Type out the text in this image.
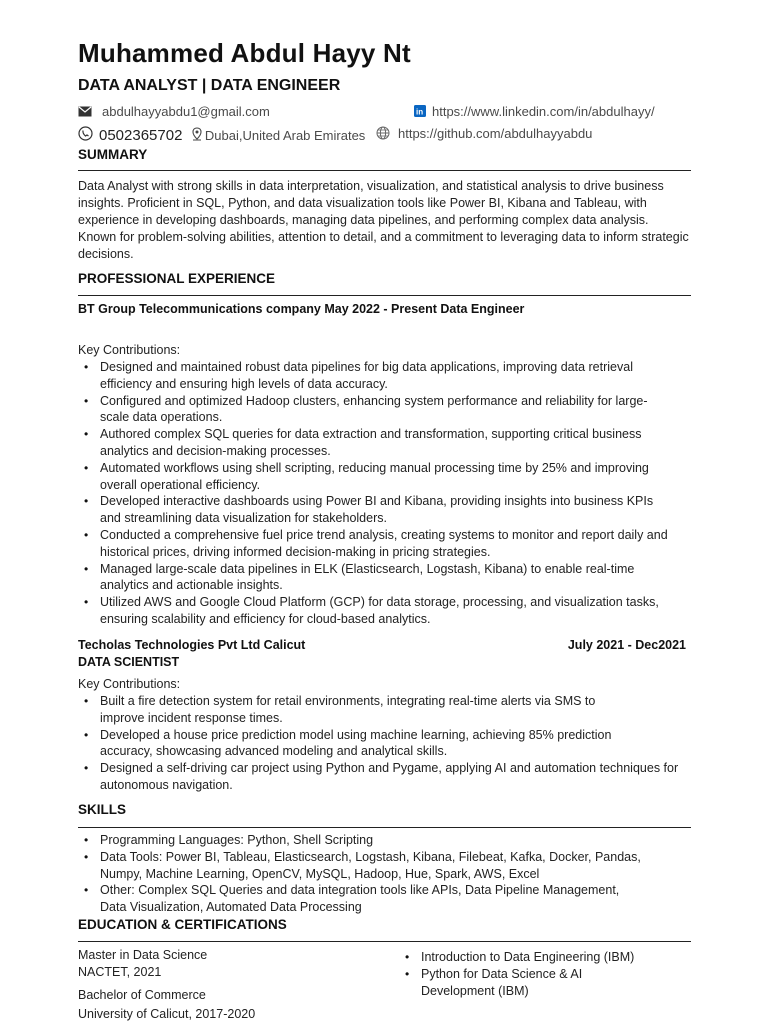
Muhammed Abdul Hayy Nt
DATA ANALYST | DATA ENGINEER
abdulhayyabdu1@gmail.com	in https://www.linkedin.com/in/abdulhayy/
0502365702 Dubai,United Arab Emirates	https://github.com/abdulhayyabdu
SUMMARY
Data Analyst with strong skills in data interpretation, visualization, and statistical analysis to drive business insights. Proficient in SQL, Python, and data visualization tools like Power BI, Kibana and Tableau, with experience in developing dashboards, managing data pipelines, and performing complex data analysis. Known for problem-solving abilities, attention to detail, and a commitment to leveraging data to inform strategic decisions.
PROFESSIONAL EXPERIENCE
BT Group Telecommunications company May 2022 - Present Data Engineer
Key Contributions:
• Designed and maintained robust data pipelines for big data applications, improving data retrieval efficiency and ensuring high levels of data accuracy.
• Configured and optimized Hadoop clusters, enhancing system performance and reliability for large-scale data operations.
• Authored complex SQL queries for data extraction and transformation, supporting critical business analytics and decision-making processes.
• Automated workflows using shell scripting, reducing manual processing time by 25% and improving overall operational efficiency.
• Developed interactive dashboards using Power BI and Kibana, providing insights into business KPIs and streamlining data visualization for stakeholders.
• Conducted a comprehensive fuel price trend analysis, creating systems to monitor and report daily and historical prices, driving informed decision-making in pricing strategies.
• Managed large-scale data pipelines in ELK (Elasticsearch, Logstash, Kibana) to enable real-time analytics and actionable insights.
• Utilized AWS and Google Cloud Platform (GCP) for data storage, processing, and visualization tasks, ensuring scalability and efficiency for cloud-based analytics.
Techolas Technologies Pvt Ltd Calicut	July 2021 - Dec2021
DATA SCIENTIST
Key Contributions:
• Built a fire detection system for retail environments, integrating real-time alerts via SMS to improve incident response times.
• Developed a house price prediction model using machine learning, achieving 85% prediction accuracy, showcasing advanced modeling and analytical skills.
• Designed a self-driving car project using Python and Pygame, applying AI and automation techniques for autonomous navigation.
SKILLS
• Programming Languages: Python, Shell Scripting
• Data Tools: Power BI, Tableau, Elasticsearch, Logstash, Kibana, Filebeat, Kafka, Docker, Pandas, Numpy, Machine Learning, OpenCV, MySQL, Hadoop, Hue, Spark, AWS, Excel
• Other: Complex SQL Queries and data integration tools like APIs, Data Pipeline Management, Data Visualization, Automated Data Processing
EDUCATION & CERTIFICATIONS
Master in Data Science
NACTET, 2021
Bachelor of Commerce
University of Calicut, 2017-2020
• Introduction to Data Engineering (IBM)
• Python for Data Science & AI Development (IBM)
